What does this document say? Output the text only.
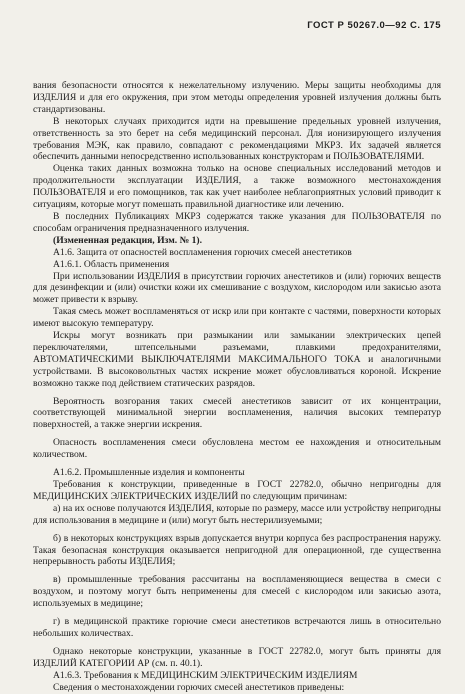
ГОСТ Р 50267.0—92 С. 175

вания безопасности относятся к нежелательному излучению. Меры защиты необходимы для ИЗДЕЛИЯ и для его окружения, при этом методы определения уровней излучения должны быть стандартизованы.

В некоторых случаях приходится идти на превышение предельных уровней излучения, ответственность за это берет на себя медицинский персонал. Для ионизирующего излучения требования МЭК, как правило, совпадают с рекомендациями МКРЗ. Их задачей является обеспечить данными непосредственно использованных конструкторам и ПОЛЬЗОВАТЕЛЯМИ.

Оценка таких данных возможна только на основе специальных исследований методов и продолжительности эксплуатации ИЗДЕЛИЯ, а также возможного местонахождения ПОЛЬЗОВАТЕЛЯ и его помощников, так как учет наиболее неблагоприятных условий приводит к ситуациям, которые могут помешать правильной диагностике или лечению.

В последних Публикациях МКРЗ содержатся также указания для ПОЛЬЗОВАТЕЛЯ по способам ограничения предназначенного излучения.

(Измененная редакция, Изм. № 1).

А1.6. Защита от опасностей воспламенения горючих смесей анестетиков

А1.6.1. Область применения

При использовании ИЗДЕЛИЯ в присутствии горючих анестетиков и (или) горючих веществ для дезинфекции и (или) очистки кожи их смешивание с воздухом, кислородом или закисью азота может привести к взрыву.

Такая смесь может воспламеняться от искр или при контакте с частями, поверхности которых имеют высокую температуру.

Искры могут возникать при размыкании или замыкании электрических цепей переключателями, штепсельными разъемами, плавкими предохранителями, АВТОМАТИЧЕСКИМИ ВЫКЛЮЧАТЕЛЯМИ МАКСИМАЛЬНОГО ТОКА и аналогичными устройствами. В высоковольтных частях искрение может обусловливаться короной. Искрение возможно также под действием статических разрядов.

Вероятность возгорания таких смесей анестетиков зависит от их концентрации, соответствующей минимальной энергии воспламенения, наличия высоких температур поверхностей, а также энергии искрения.

Опасность воспламенения смеси обусловлена местом ее нахождения и относительным количеством.

А1.6.2. Промышленные изделия и компоненты

Требования к конструкции, приведенные в ГОСТ 22782.0, обычно непригодны для МЕДИЦИНСКИХ ЭЛЕКТРИЧЕСКИХ ИЗДЕЛИЙ по следующим причинам:

а) на их основе получаются ИЗДЕЛИЯ, которые по размеру, массе или устройству непригодны для использования в медицине и (или) могут быть нестерилизуемыми;

б) в некоторых конструкциях взрыв допускается внутри корпуса без распространения наружу. Такая безопасная конструкция оказывается непригодной для операционной, где существенна непрерывность работы ИЗДЕЛИЯ;

в) промышленные требования рассчитаны на воспламеняющиеся вещества в смеси с воздухом, и поэтому могут быть неприменены для смесей с кислородом или закисью азота, используемых в медицине;

г) в медицинской практике горючие смеси анестетиков встречаются лишь в относительно небольших количествах.

Однако некоторые конструкции, указанные в ГОСТ 22782.0, могут быть приняты для ИЗДЕЛИЙ КАТЕГОРИИ АР (см. п. 40.1).

А1.6.3. Требования к МЕДИЦИНСКИМ ЭЛЕКТРИЧЕСКИМ ИЗДЕЛИЯМ

Сведения о местонахождении горючих смесей анестетиков приведены:
